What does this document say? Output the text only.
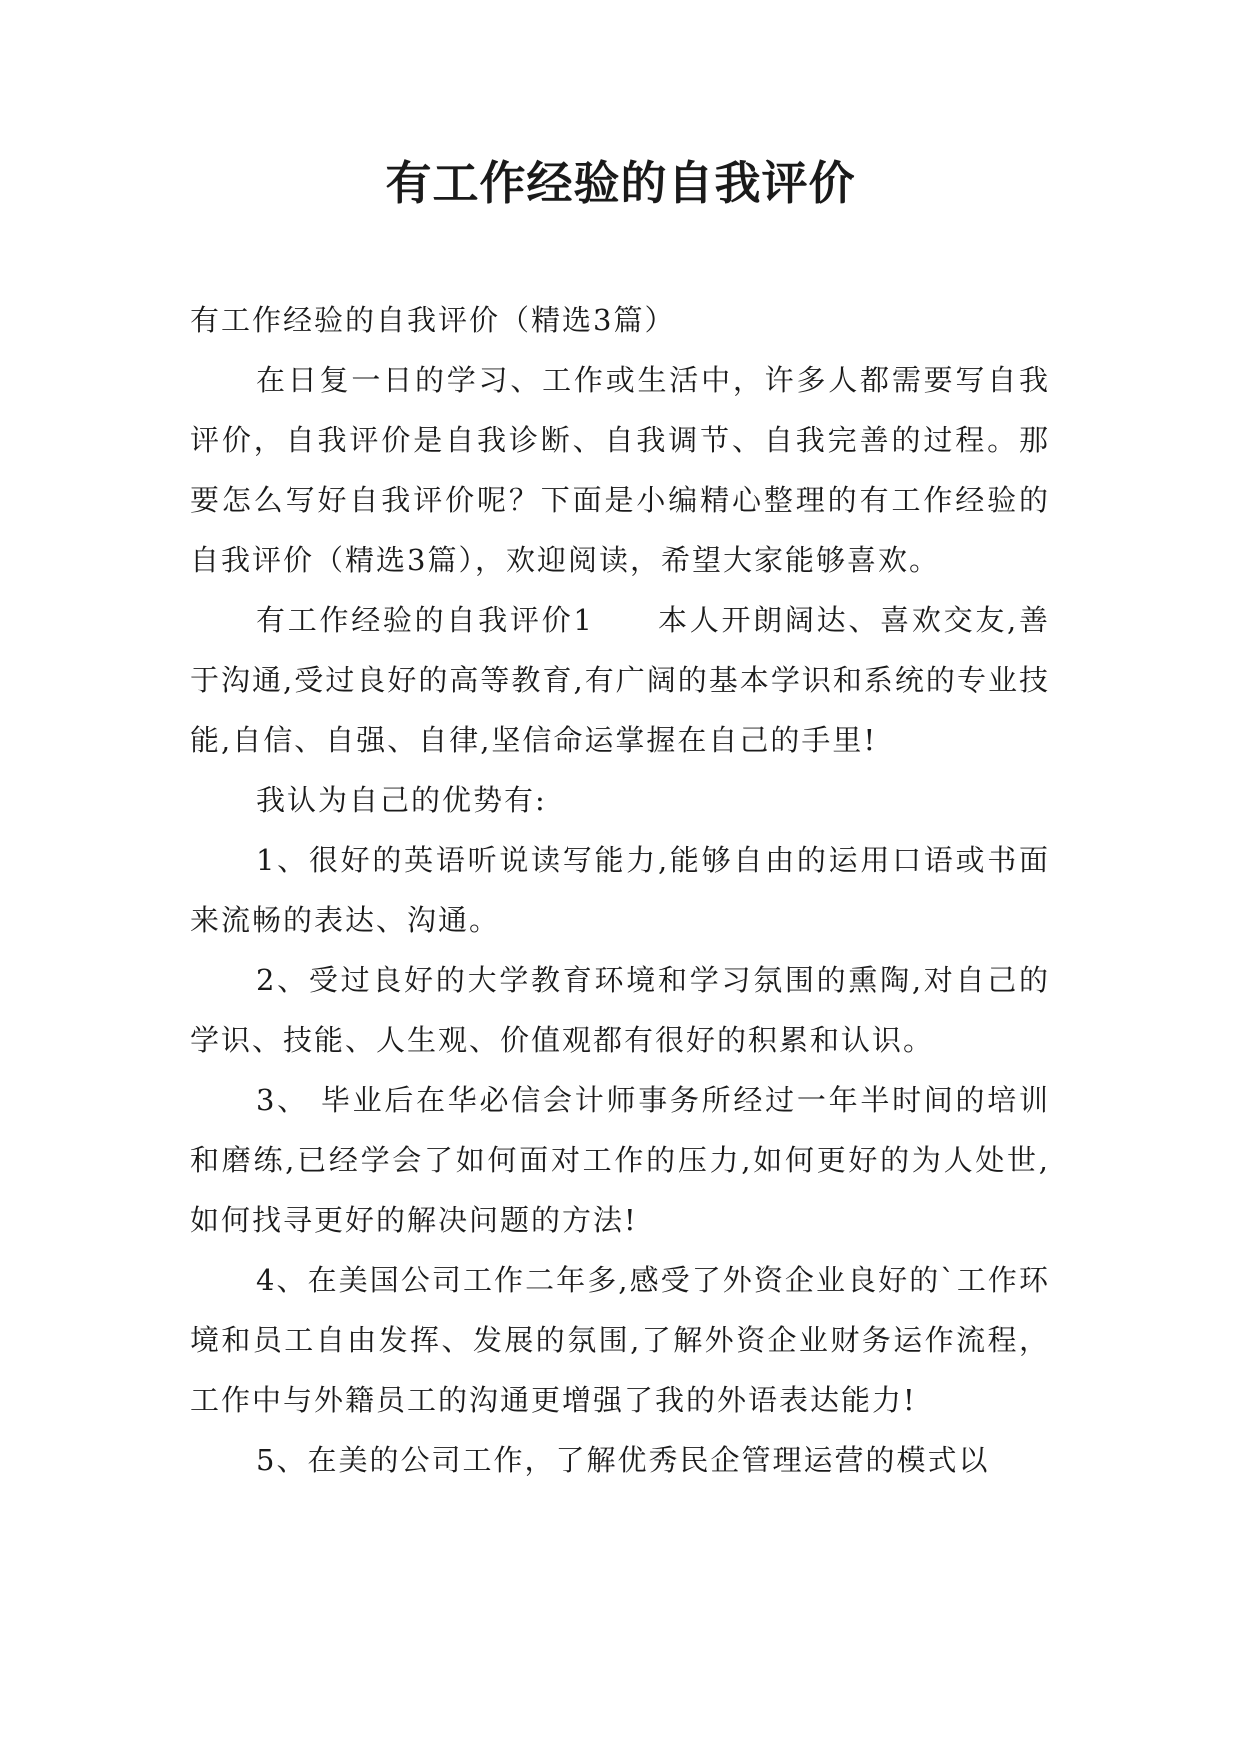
有工作经验的自我评价

有工作经验的自我评价（精选3篇）

在日复一日的学习、工作或生活中，许多人都需要写自我评价，自我评价是自我诊断、自我调节、自我完善的过程。那要怎么写好自我评价呢？下面是小编精心整理的有工作经验的自我评价（精选3篇），欢迎阅读，希望大家能够喜欢。

有工作经验的自我评价1　　本人开朗阔达、喜欢交友,善于沟通,受过良好的高等教育,有广阔的基本学识和系统的专业技能,自信、自强、自律,坚信命运掌握在自己的手里!

我认为自己的优势有:

1、很好的英语听说读写能力,能够自由的运用口语或书面来流畅的表达、沟通。

2、受过良好的大学教育环境和学习氛围的熏陶,对自己的学识、技能、人生观、价值观都有很好的积累和认识。

3、 毕业后在华必信会计师事务所经过一年半时间的培训和磨练,已经学会了如何面对工作的压力,如何更好的为人处世,如何找寻更好的解决问题的方法!

4、在美国公司工作二年多,感受了外资企业良好的`工作环境和员工自由发挥、发展的氛围,了解外资企业财务运作流程，工作中与外籍员工的沟通更增强了我的外语表达能力!

5、在美的公司工作，了解优秀民企管理运营的模式以
